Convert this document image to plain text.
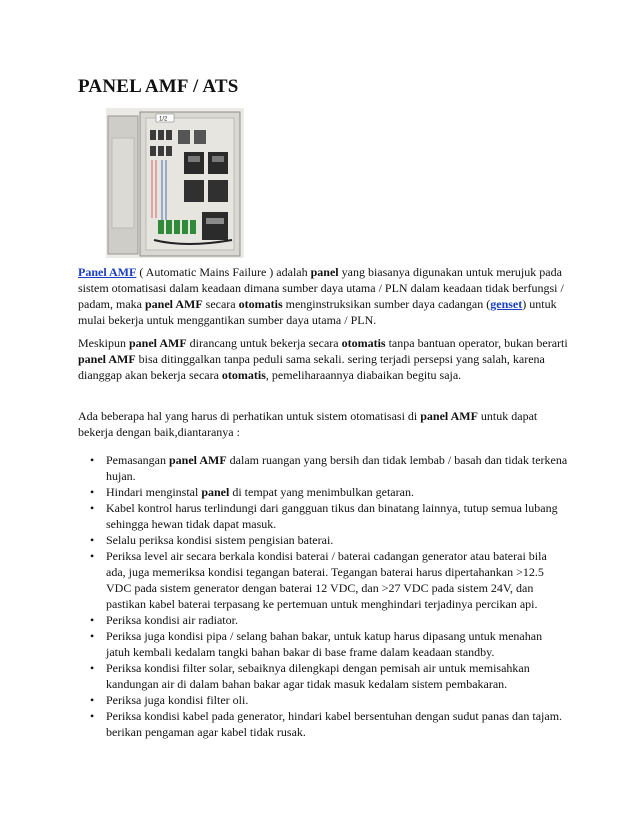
PANEL AMF / ATS
1/2
Panel AMF ( Automatic Mains Failure ) adalah panel yang biasanya digunakan untuk merujuk pada sistem otomatisasi dalam keadaan dimana sumber daya utama / PLN dalam keadaan tidak berfungsi / padam, maka panel AMF secara otomatis menginstruksikan sumber daya cadangan (genset) untuk mulai bekerja untuk menggantikan sumber daya utama / PLN.
Meskipun panel AMF dirancang untuk bekerja secara otomatis tanpa bantuan operator, bukan berarti panel AMF bisa ditinggalkan tanpa peduli sama sekali. sering terjadi persepsi yang salah, karena dianggap akan bekerja secara otomatis, pemeliharaannya diabaikan begitu saja.
Ada beberapa hal yang harus di perhatikan untuk sistem otomatisasi di panel AMF untuk dapat bekerja dengan baik,diantaranya :
• Pemasangan panel AMF dalam ruangan yang bersih dan tidak lembab / basah dan tidak terkena hujan.
• Hindari menginstal panel di tempat yang menimbulkan getaran.
• Kabel kontrol harus terlindungi dari gangguan tikus dan binatang lainnya, tutup semua lubang sehingga hewan tidak dapat masuk.
• Selalu periksa kondisi sistem pengisian baterai.
• Periksa level air secara berkala kondisi baterai / baterai cadangan generator atau baterai bila ada, juga memeriksa kondisi tegangan baterai. Tegangan baterai harus dipertahankan >12.5 VDC pada sistem generator dengan baterai 12 VDC, dan >27 VDC pada sistem 24V, dan pastikan kabel baterai terpasang ke pertemuan untuk menghindari terjadinya percikan api.
• Periksa kondisi air radiator.
• Periksa juga kondisi pipa / selang bahan bakar, untuk katup harus dipasang untuk menahan jatuh kembali kedalam tangki bahan bakar di base frame dalam keadaan standby.
• Periksa kondisi filter solar, sebaiknya dilengkapi dengan pemisah air untuk memisahkan kandungan air di dalam bahan bakar agar tidak masuk kedalam sistem pembakaran.
• Periksa juga kondisi filter oli.
• Periksa kondisi kabel pada generator, hindari kabel bersentuhan dengan sudut panas dan tajam. berikan pengaman agar kabel tidak rusak.
